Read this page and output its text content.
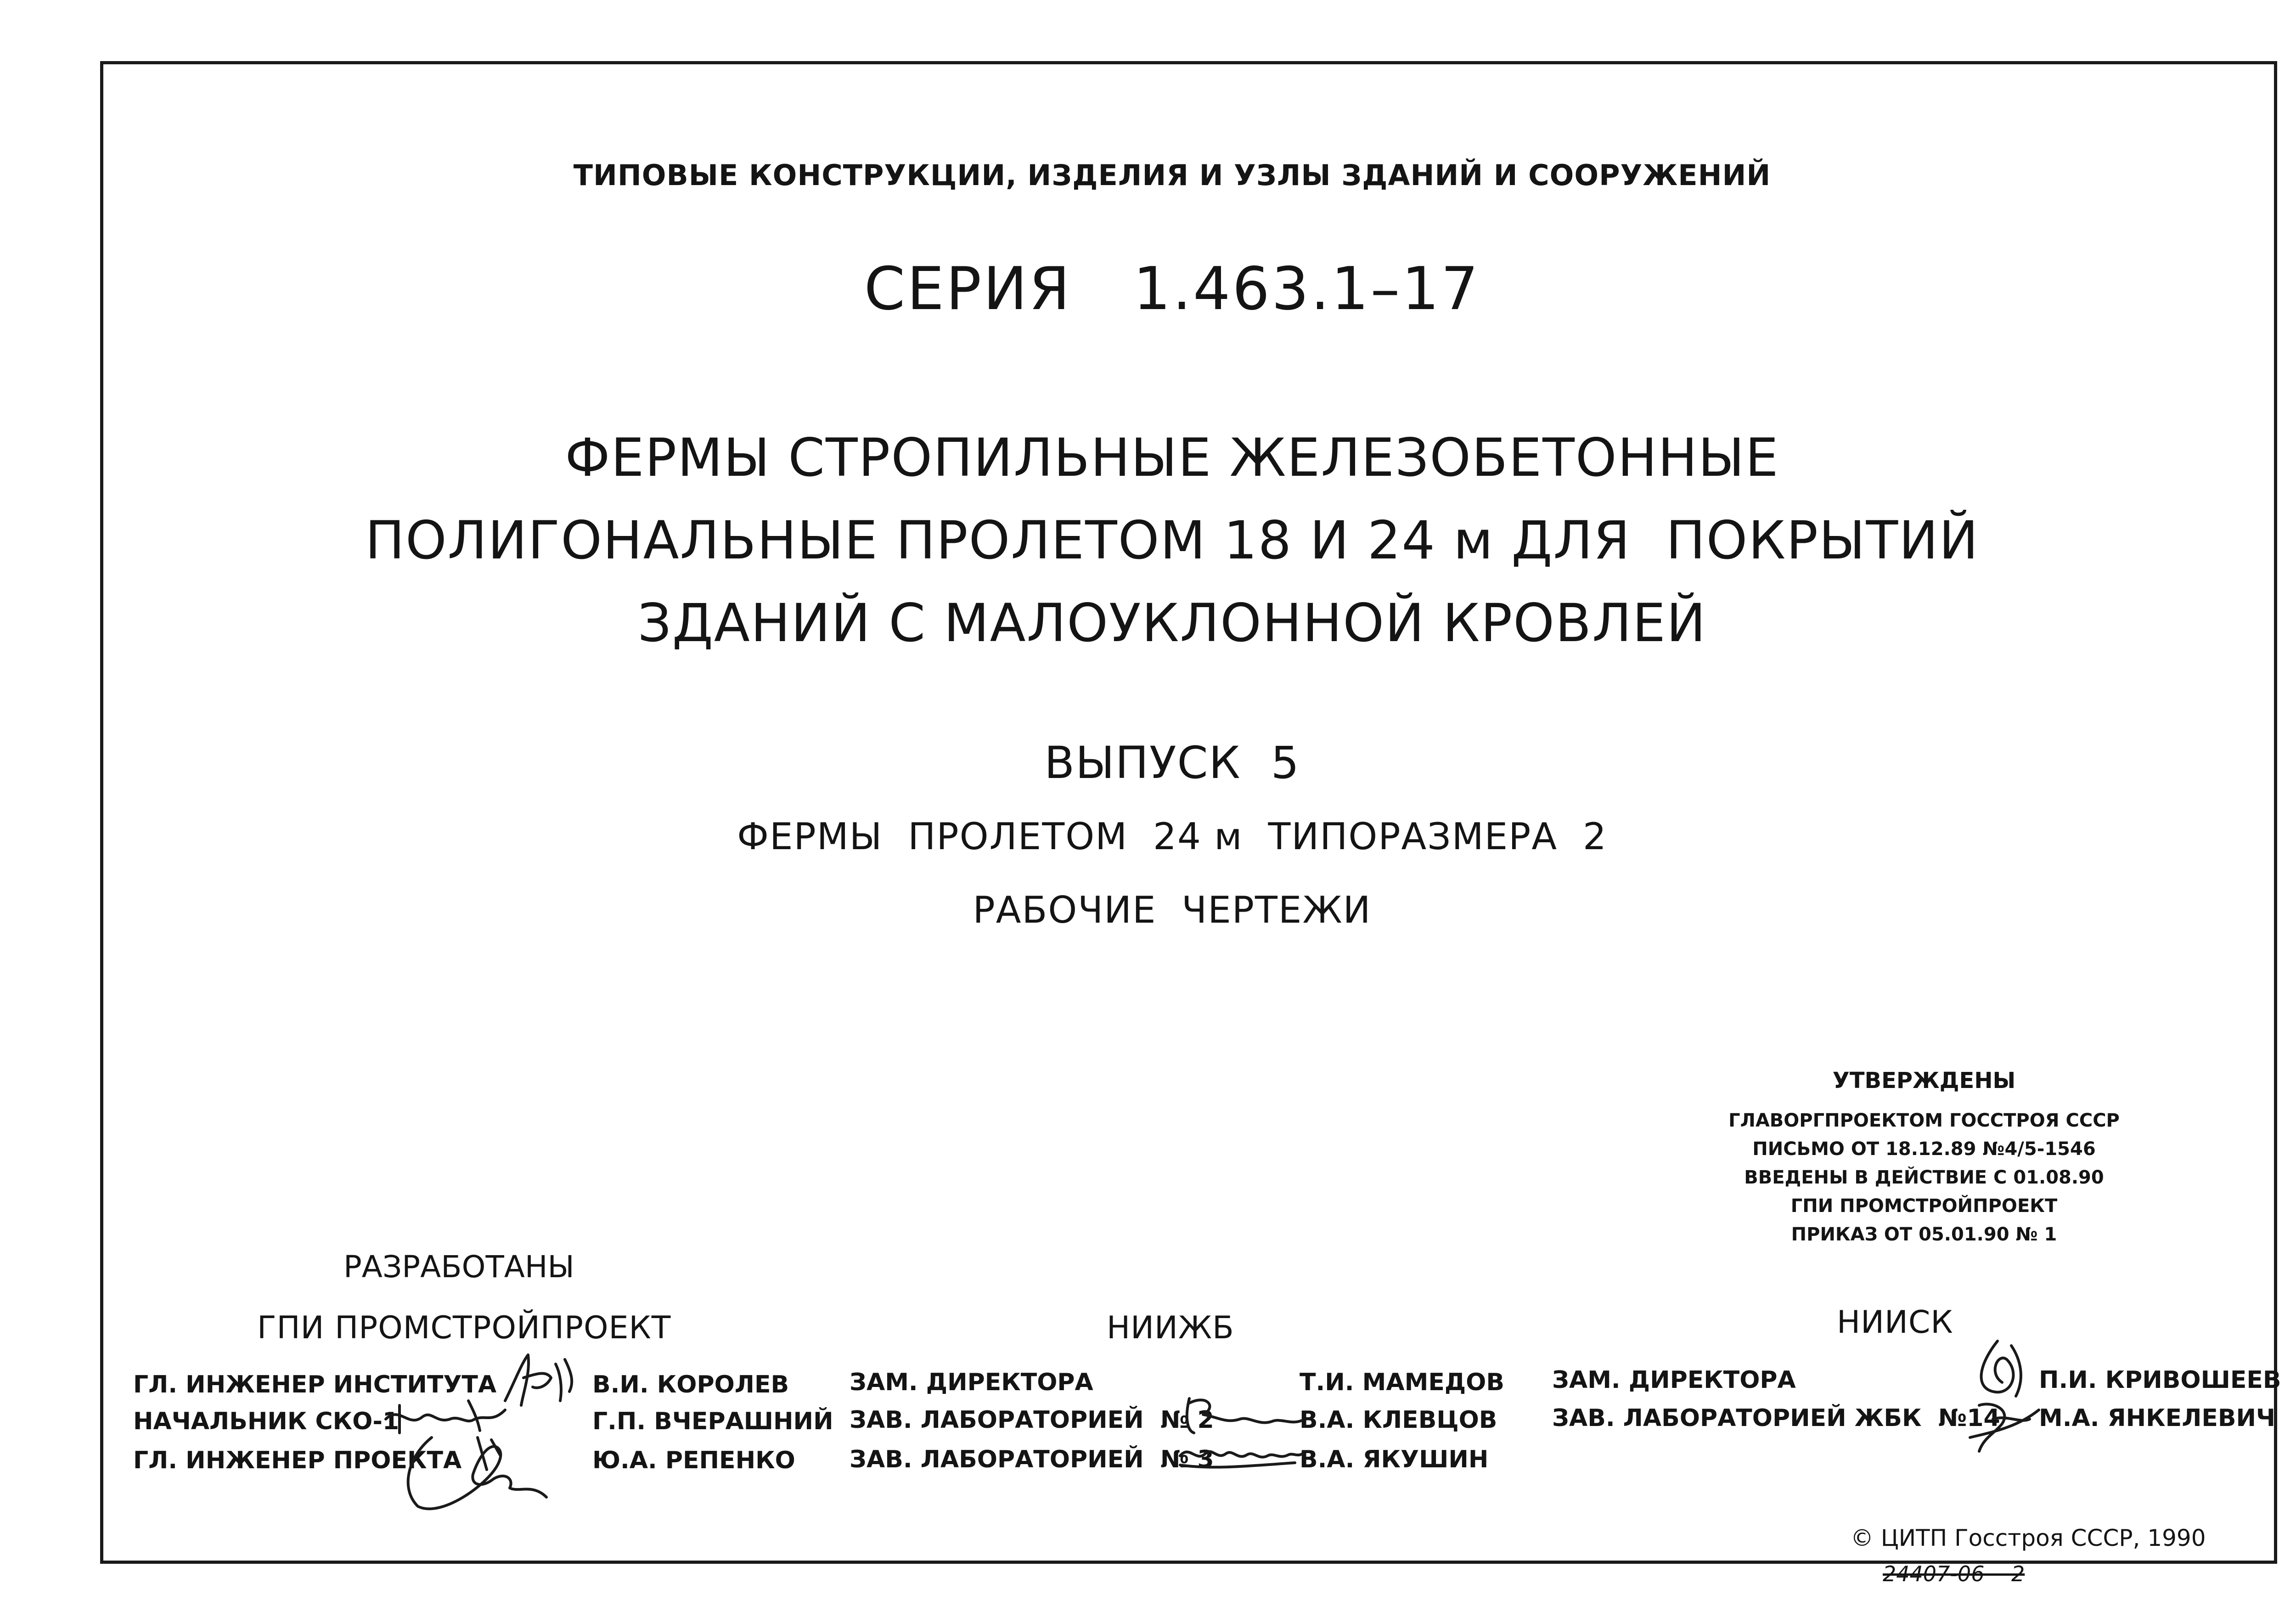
ТИПОВЫЕ КОНСТРУКЦИИ, ИЗДЕЛИЯ И УЗЛЫ ЗДАНИЙ И СООРУЖЕНИЙ
СЕРИЯ   1.463.1–17
ФЕРМЫ СТРОПИЛЬНЫЕ ЖЕЛЕЗОБЕТОННЫЕ
ПОЛИГОНАЛЬНЫЕ ПРОЛЕТОМ 18 И 24 м ДЛЯ  ПОКРЫТИЙ
ЗДАНИЙ С МАЛОУКЛОННОЙ КРОВЛЕЙ
ВЫПУСК  5
ФЕРМЫ  ПРОЛЕТОМ  24 м  ТИПОРАЗМЕРА  2
РАБОЧИЕ  ЧЕРТЕЖИ
УТВЕРЖДЕНЫ
ГЛАВОРГПРОЕКТОМ ГОССТРОЯ СССР
ПИСЬМО ОТ 18.12.89 №4/5-1546
ВВЕДЕНЫ В ДЕЙСТВИЕ С 01.08.90
ГПИ ПРОМСТРОЙПРОЕКТ
ПРИКАЗ ОТ 05.01.90 № 1
РАЗРАБОТАНЫ
ГПИ ПРОМСТРОЙПРОЕКТ
ГЛ. ИНЖЕНЕР ИНСТИТУТА	В.И. КОРОЛЕВ
НАЧАЛЬНИК СКО-1	Г.П. ВЧЕРАШНИЙ
ГЛ. ИНЖЕНЕР ПРОЕКТА	Ю.А. РЕПЕНКО
НИИЖБ
ЗАМ. ДИРЕКТОРА	Т.И. МАМЕДОВ
ЗАВ. ЛАБОРАТОРИЕЙ  № 2	В.А. КЛЕВЦОВ
ЗАВ. ЛАБОРАТОРИЕЙ  № 3	В.А. ЯКУШИН
НИИСК
ЗАМ. ДИРЕКТОРА	П.И. КРИВОШЕЕВ
ЗАВ. ЛАБОРАТОРИЕЙ ЖБК  №14 М.А. ЯНКЕЛЕВИЧ
© ЦИТП Госстроя СССР, 1990
24407-06    2
